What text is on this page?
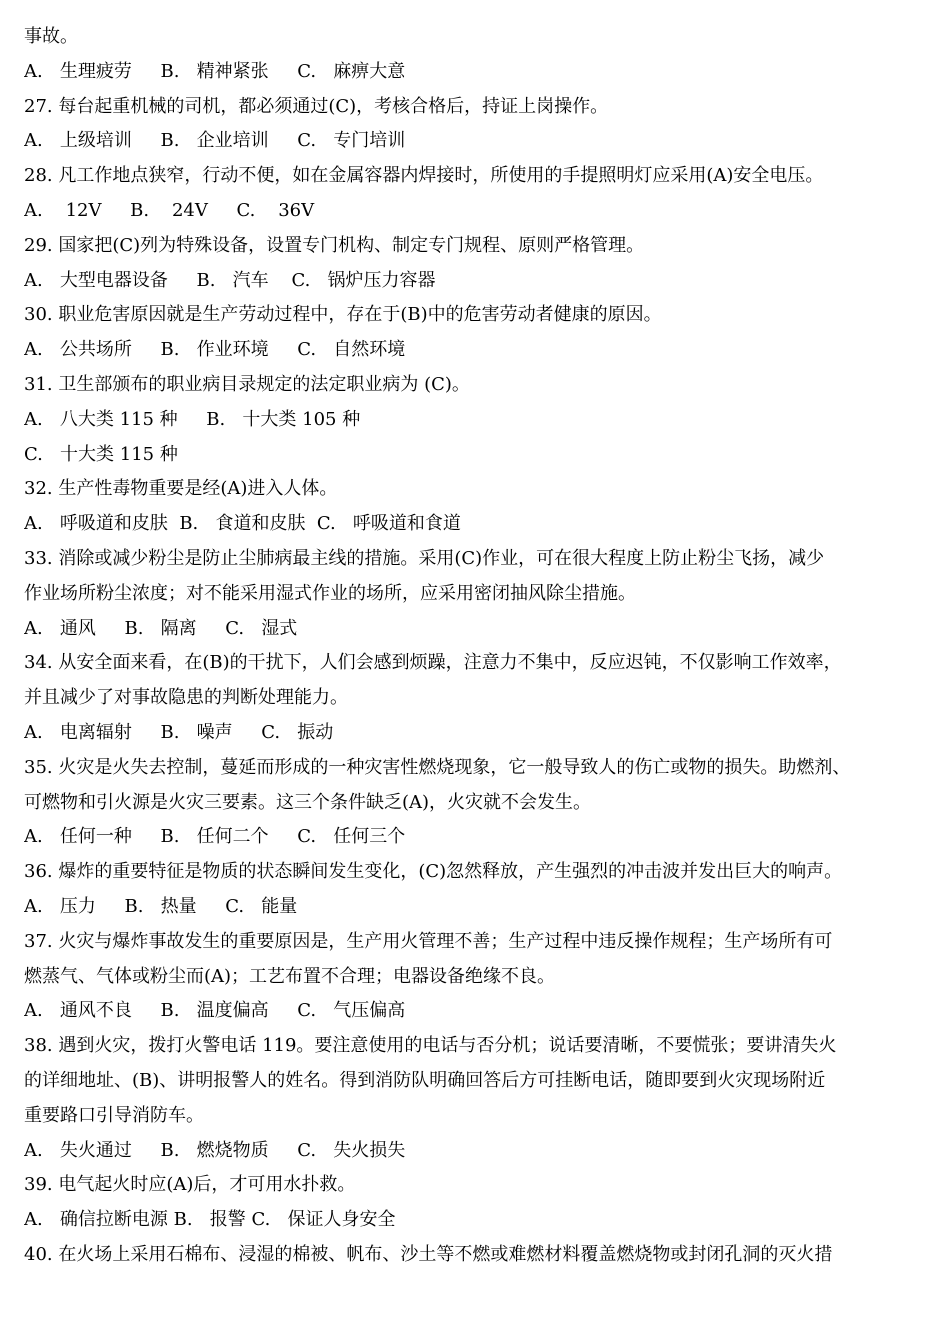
事故。
A.   生理疲劳     B.   精神紧张     C.   麻痹大意
27. 每台起重机械的司机，都必须通过(C)，考核合格后，持证上岗操作。
A.   上级培训     B.   企业培训     C.   专门培训
28. 凡工作地点狭窄，行动不便，如在金属容器内焊接时，所使用的手提照明灯应采用(A)安全电压。
A.    12V     B.    24V     C.    36V
29. 国家把(C)列为特殊设备，设置专门机构、制定专门规程、原则严格管理。
A.   大型电器设备     B.   汽车    C.   锅炉压力容器
30. 职业危害原因就是生产劳动过程中，存在于(B)中的危害劳动者健康的原因。
A.   公共场所     B.   作业环境     C.   自然环境
31. 卫生部颁布的职业病目录规定的法定职业病为 (C)。
A.   八大类 115 种     B.   十大类 105 种
C.   十大类 115 种
32. 生产性毒物重要是经(A)进入人体。
A.   呼吸道和皮肤  B.   食道和皮肤  C.   呼吸道和食道
33. 消除或减少粉尘是防止尘肺病最主线的措施。采用(C)作业，可在很大程度上防止粉尘飞扬，减少
作业场所粉尘浓度；对不能采用湿式作业的场所，应采用密闭抽风除尘措施。
A.   通风     B.   隔离     C.   湿式
34. 从安全面来看，在(B)的干扰下，人们会感到烦躁，注意力不集中，反应迟钝，不仅影响工作效率，
并且减少了对事故隐患的判断处理能力。
A.   电离辐射     B.   噪声     C.   振动
35. 火灾是火失去控制，蔓延而形成的一种灾害性燃烧现象，它一般导致人的伤亡或物的损失。助燃剂、
可燃物和引火源是火灾三要素。这三个条件缺乏(A)，火灾就不会发生。
A.   任何一种     B.   任何二个     C.   任何三个
36. 爆炸的重要特征是物质的状态瞬间发生变化，(C)忽然释放，产生强烈的冲击波并发出巨大的响声。
A.   压力     B.   热量     C.   能量
37. 火灾与爆炸事故发生的重要原因是，生产用火管理不善；生产过程中违反操作规程；生产场所有可
燃蒸气、气体或粉尘而(A)；工艺布置不合理；电器设备绝缘不良。
A.   通风不良     B.   温度偏高     C.   气压偏高
38. 遇到火灾，拨打火警电话 119。要注意使用的电话与否分机；说话要清晰，不要慌张；要讲清失火
的详细地址、(B)、讲明报警人的姓名。得到消防队明确回答后方可挂断电话，随即要到火灾现场附近
重要路口引导消防车。
A.   失火通过     B.   燃烧物质     C.   失火损失
39. 电气起火时应(A)后，才可用水扑救。
A.   确信拉断电源 B.   报警 C.   保证人身安全
40. 在火场上采用石棉布、浸湿的棉被、帆布、沙土等不燃或难燃材料覆盖燃烧物或封闭孔洞的灭火措
